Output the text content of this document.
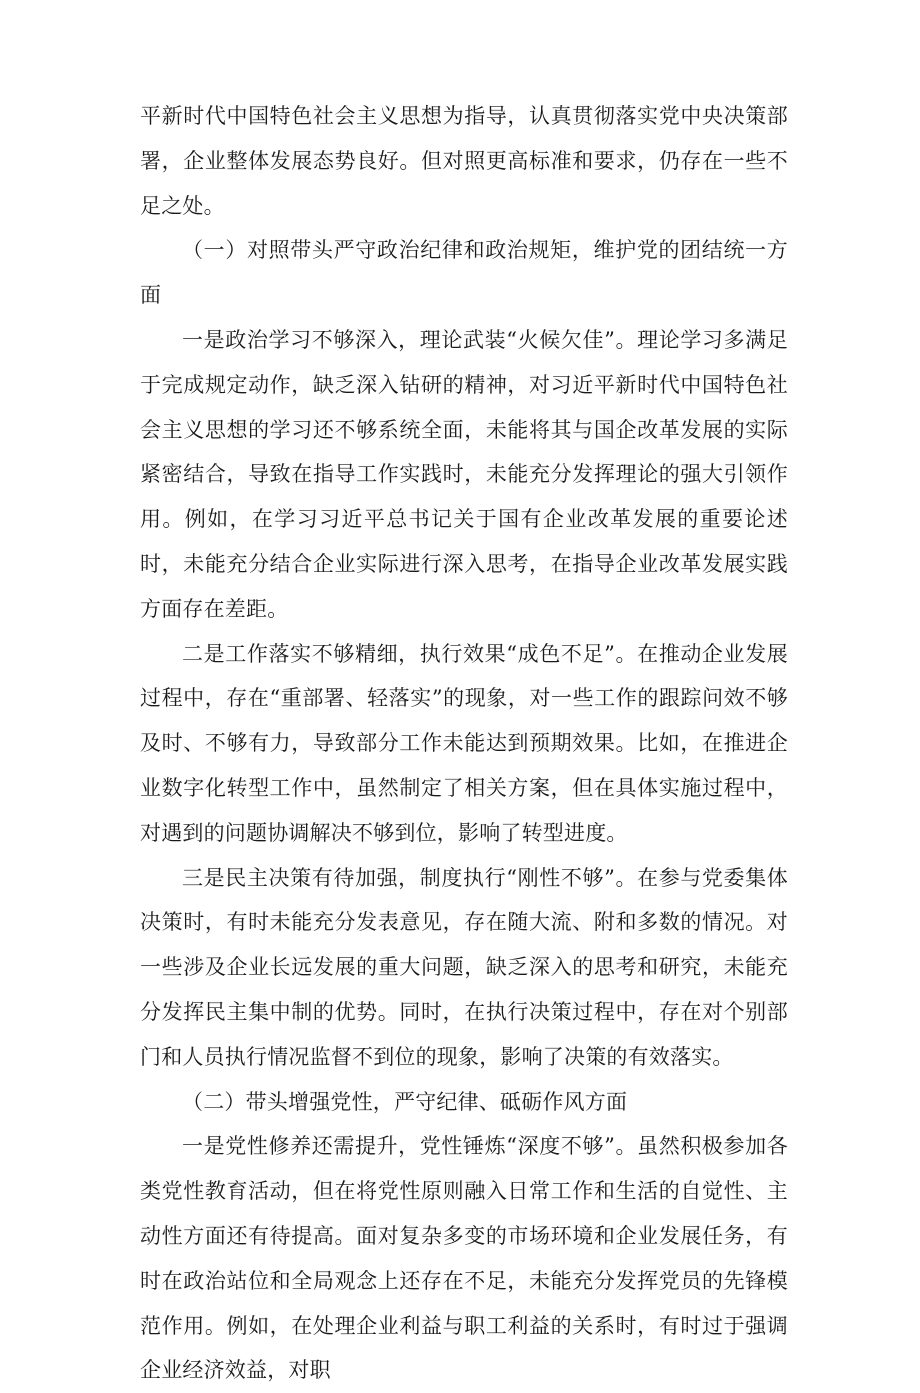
平新时代中国特色社会主义思想为指导，认真贯彻落实党中央决策部署，企业整体发展态势良好。但对照更高标准和要求，仍存在一些不足之处。

（一）对照带头严守政治纪律和政治规矩，维护党的团结统一方面

一是政治学习不够深入，理论武装“火候欠佳”。理论学习多满足于完成规定动作，缺乏深入钻研的精神，对习近平新时代中国特色社会主义思想的学习还不够系统全面，未能将其与国企改革发展的实际紧密结合，导致在指导工作实践时，未能充分发挥理论的强大引领作用。例如，在学习习近平总书记关于国有企业改革发展的重要论述时，未能充分结合企业实际进行深入思考，在指导企业改革发展实践方面存在差距。

二是工作落实不够精细，执行效果“成色不足”。在推动企业发展过程中，存在“重部署、轻落实”的现象，对一些工作的跟踪问效不够及时、不够有力，导致部分工作未能达到预期效果。比如，在推进企业数字化转型工作中，虽然制定了相关方案，但在具体实施过程中，对遇到的问题协调解决不够到位，影响了转型进度。

三是民主决策有待加强，制度执行“刚性不够”。在参与党委集体决策时，有时未能充分发表意见，存在随大流、附和多数的情况。对一些涉及企业长远发展的重大问题，缺乏深入的思考和研究，未能充分发挥民主集中制的优势。同时，在执行决策过程中，存在对个别部门和人员执行情况监督不到位的现象，影响了决策的有效落实。

（二）带头增强党性，严守纪律、砥砺作风方面

一是党性修养还需提升，党性锤炼“深度不够”。虽然积极参加各类党性教育活动，但在将党性原则融入日常工作和生活的自觉性、主动性方面还有待提高。面对复杂多变的市场环境和企业发展任务，有时在政治站位和全局观念上还存在不足，未能充分发挥党员的先锋模范作用。例如，在处理企业利益与职工利益的关系时，有时过于强调企业经济效益，对职
